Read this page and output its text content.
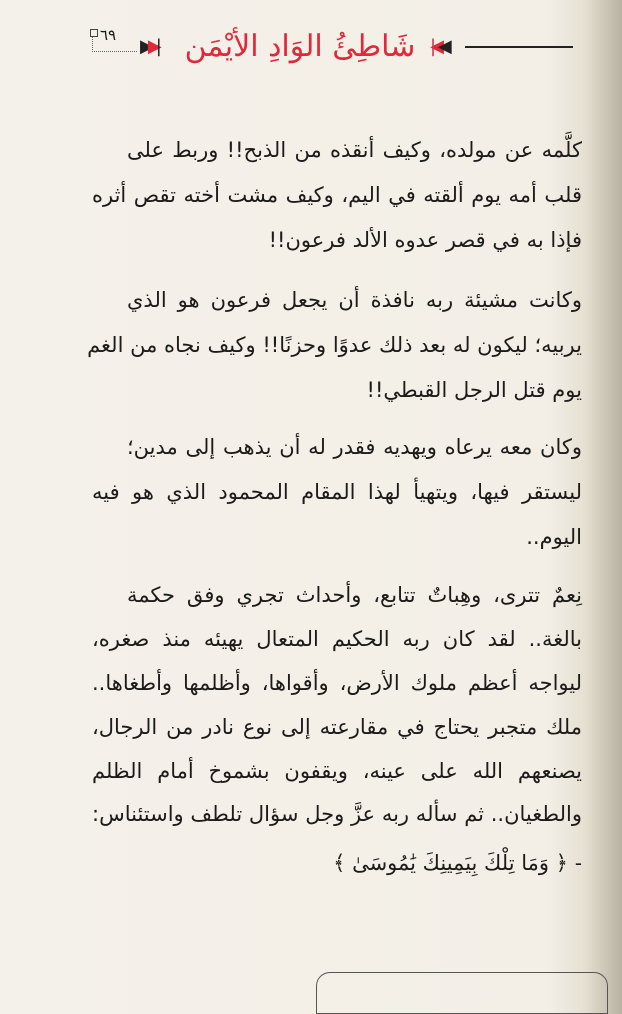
٦٩
▶▶| شَاطِئُ الوَادِ الأيْمَن |◀◀
كلَّمه عن مولده، وكيف أنقذه من الذبح!! وربط على
قلب أمه يوم ألقته في اليم، وكيف مشت أخته تقص أثره
فإذا به في قصر عدوه الألد فرعون!!
وكانت مشيئة ربه نافذة أن يجعل فرعون هو الذي
يربيه؛ ليكون له بعد ذلك عدوًا وحزنًا!! وكيف نجاه من الغم
يوم قتل الرجل القبطي!!
وكان معه يرعاه ويهديه فقدر له أن يذهب إلى مدين؛
ليستقر فيها، ويتهيأ لهذا المقام المحمود الذي هو فيه
اليوم..
نِعمٌ تترى، وهِباتٌ تتابع، وأحداث تجري وفق حكمة
بالغة.. لقد كان ربه الحكيم المتعال يهيئه منذ صغره،
ليواجه أعظم ملوك الأرض، وأقواها، وأظلمها وأطغاها..
ملك متجبر يحتاج في مقارعته إلى نوع نادر من الرجال،
يصنعهم الله على عينه، ويقفون بشموخ أمام الظلم
والطغيان.. ثم سأله ربه عزَّ وجل سؤال تلطف واستئناس:
﴿ وَمَا تِلْكَ بِيَمِينِكَ يَٰمُوسَىٰ ﴾ -
